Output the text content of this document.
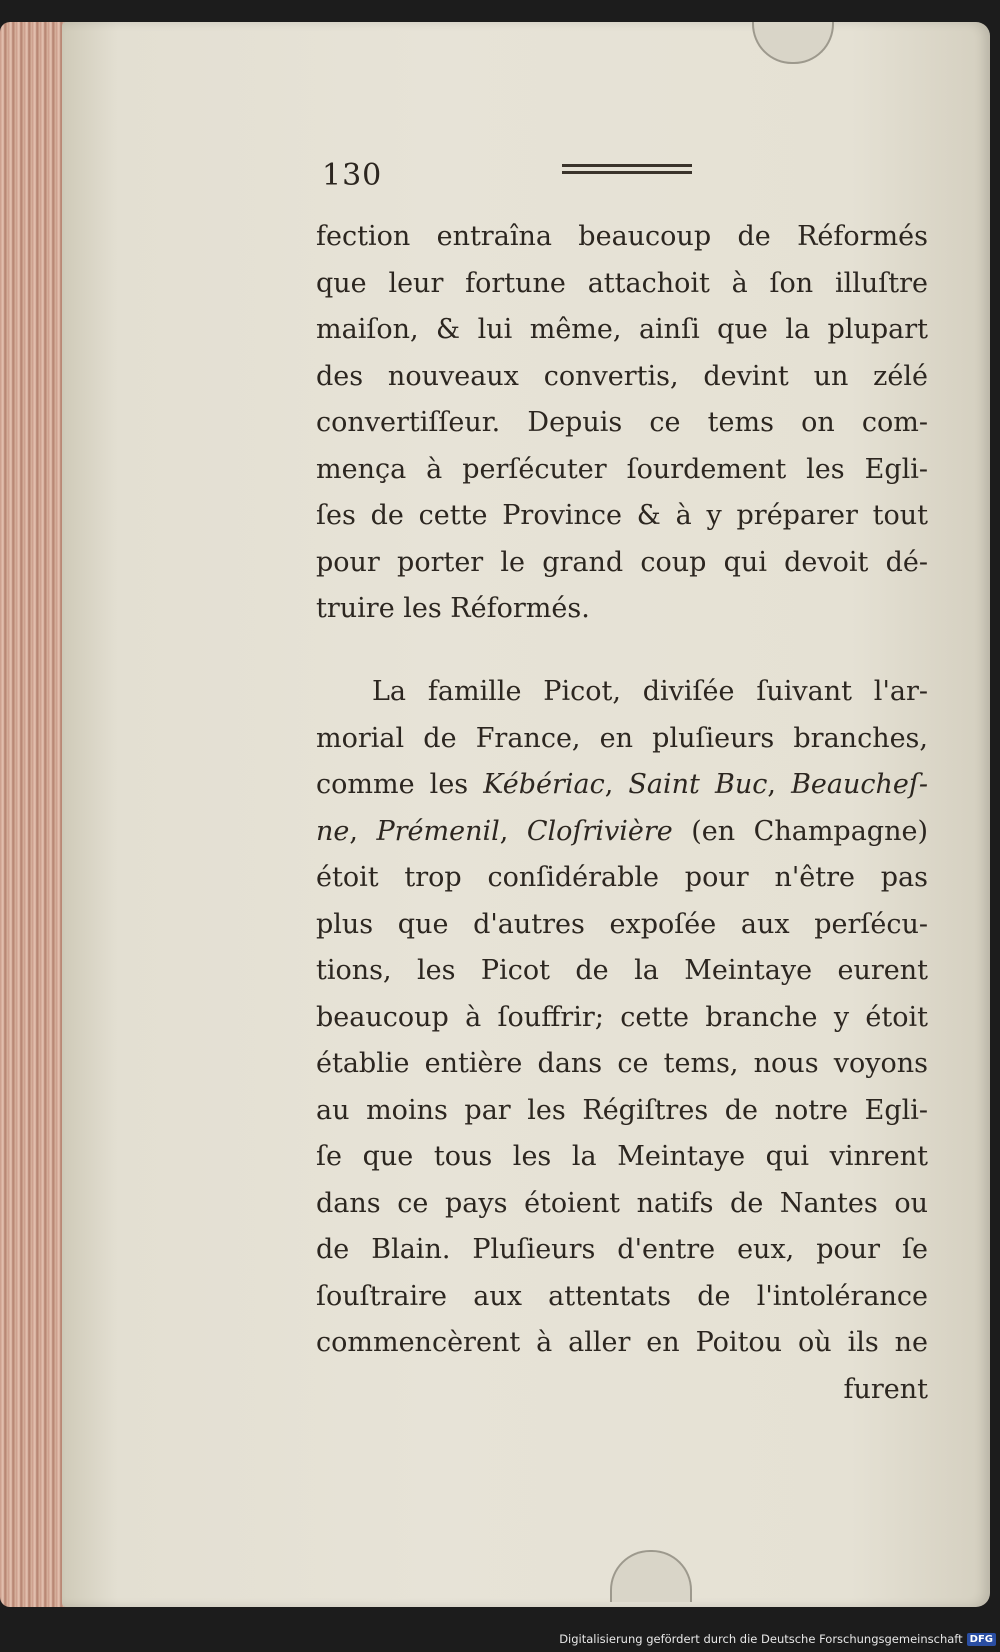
130
fection entraîna beaucoup de Réformés
que leur fortune attachoit à ſon illuſtre
maiſon, & lui même, ainſi que la plupart
des nouveaux convertis, devint un zélé
convertiſſeur. Depuis ce tems on com-
mença à perſécuter ſourdement les Egli-
ſes de cette Province & à y préparer tout
pour porter le grand coup qui devoit dé-
truire les Réformés.
La famille Picot, diviſée ſuivant l'ar-
morial de France, en pluſieurs branches,
comme les Kébériac, Saint Buc, Beaucheſ-
ne, Prémenil, Cloſrivière (en Champagne)
étoit trop conſidérable pour n'être pas
plus que d'autres expoſée aux perſécu-
tions, les Picot de la Meintaye eurent
beaucoup à ſouffrir; cette branche y étoit
établie entière dans ce tems, nous voyons
au moins par les Régiſtres de notre Egli-
ſe que tous les la Meintaye qui vinrent
dans ce pays étoient natifs de Nantes ou
de Blain. Pluſieurs d'entre eux, pour ſe
ſouſtraire aux attentats de l'intolérance
commencèrent à aller en Poitou où ils ne
furent
Digitalisierung gefördert durch die Deutsche Forschungsgemeinschaft DFG
